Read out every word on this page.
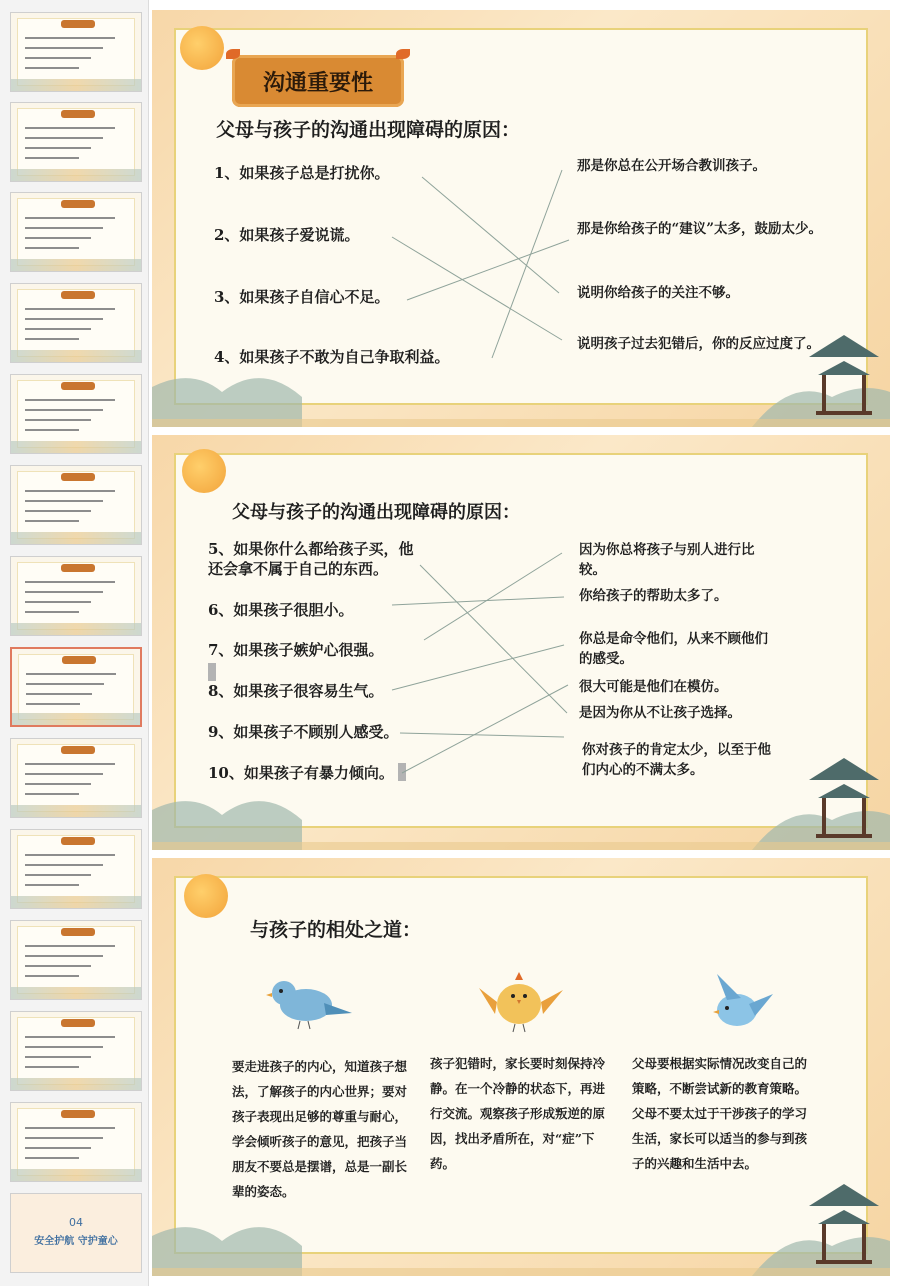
04
安全护航 守护童心
沟通重要性
父母与孩子的沟通出现障碍的原因：
1、如果孩子总是打扰你。
2、如果孩子爱说谎。
3、如果孩子自信心不足。
4、如果孩子不敢为自己争取利益。
那是你总在公开场合教训孩子。
那是你给孩子的“建议”太多，鼓励太少。
说明你给孩子的关注不够。
说明孩子过去犯错后，你的反应过度了。
父母与孩子的沟通出现障碍的原因：
5、如果你什么都给孩子买，他还会拿不属于自己的东西。
6、如果孩子很胆小。
7、如果孩子嫉妒心很强。
8、如果孩子很容易生气。
9、如果孩子不顾别人感受。
10、如果孩子有暴力倾向。
因为你总将孩子与别人进行比较。
你给孩子的帮助太多了。
你总是命令他们，从来不顾他们的感受。
很大可能是他们在模仿。
是因为你从不让孩子选择。
你对孩子的肯定太少，以至于他们内心的不满太多。
与孩子的相处之道：
要走进孩子的内心，知道孩子想法，了解孩子的内心世界；要对孩子表现出足够的尊重与耐心，学会倾听孩子的意见，把孩子当朋友不要总是摆谱，总是一副长辈的姿态。
孩子犯错时，家长要时刻保持冷静。在一个冷静的状态下，再进行交流。观察孩子形成叛逆的原因，找出矛盾所在，对“症”下药。
父母要根据实际情况改变自己的策略，不断尝试新的教育策略。父母不要太过于干涉孩子的学习生活，家长可以适当的参与到孩子的兴趣和生活中去。
